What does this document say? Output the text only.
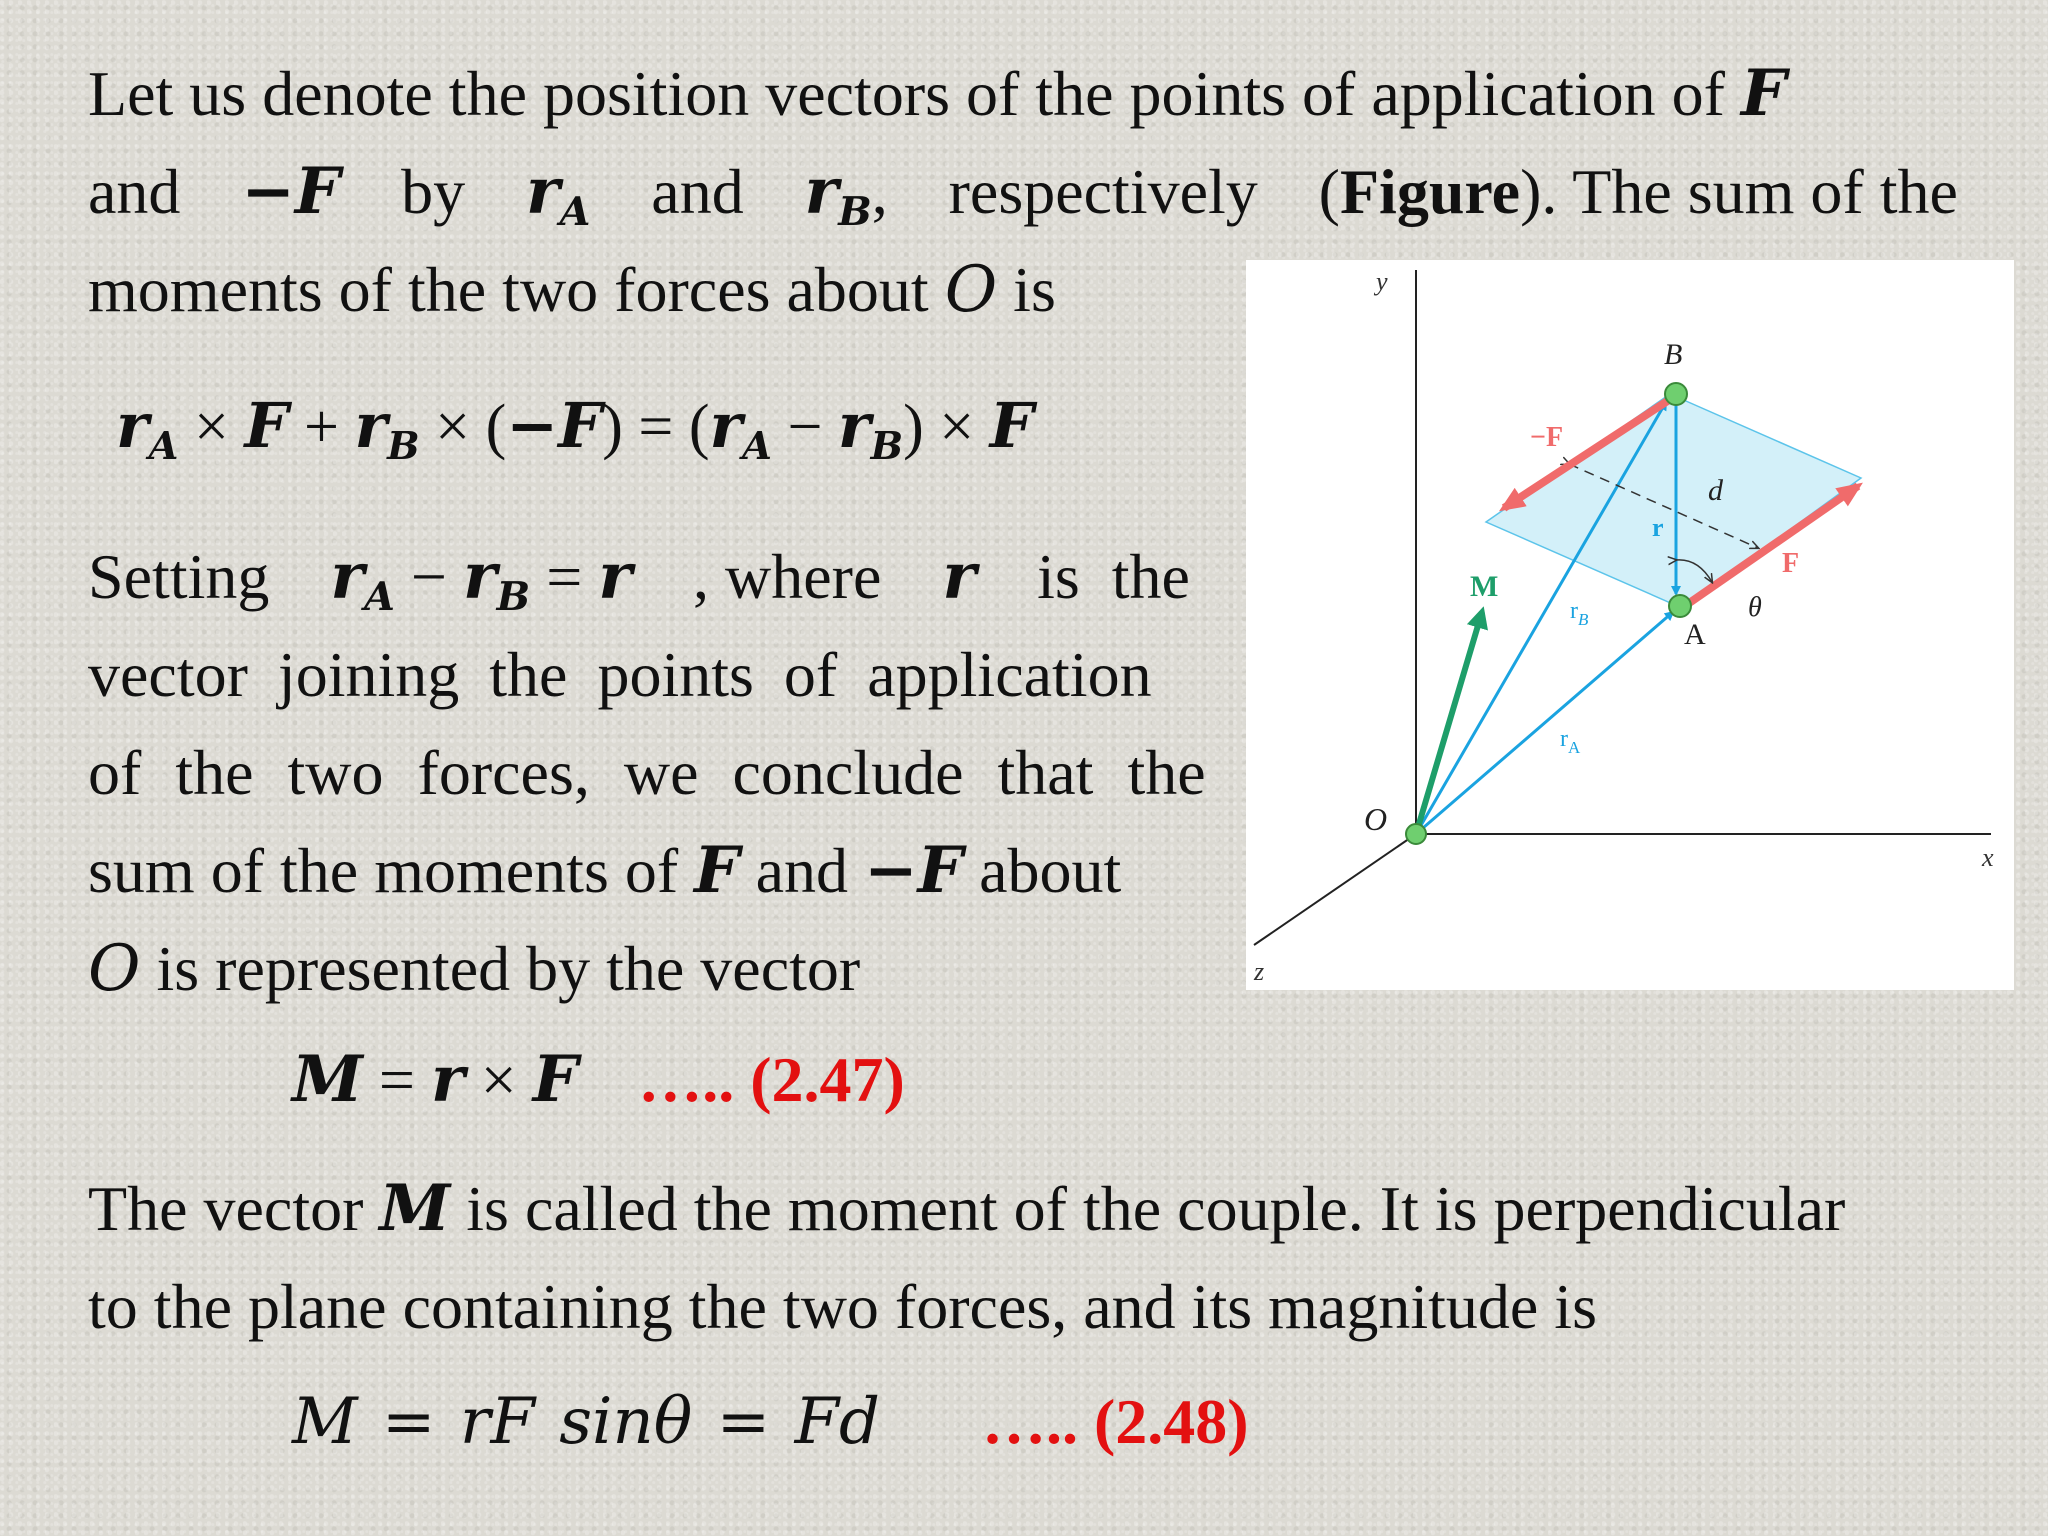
Let us denote the position vectors of the points of application of F
and −F by rA and rB, respectively (Figure). The sum of the
moments of the two forces about O is
rA × F + rB × (−F) = (rA − rB) × F
Setting rA − rB = r , where r is  the
vector joining the points of application
of the two forces, we conclude that the
sum of the moments of F and −F about
O is represented by the vector
M = r × F ….. (2.47)
The vector M is called the moment of the couple. It is perpendicular
to the plane containing the two forces, and its magnitude is
M = rF sinθ = Fd ….. (2.48)
y
x
z
O
B
A
−F
F
M
r
d
θ
$r_B$
$r_A$
